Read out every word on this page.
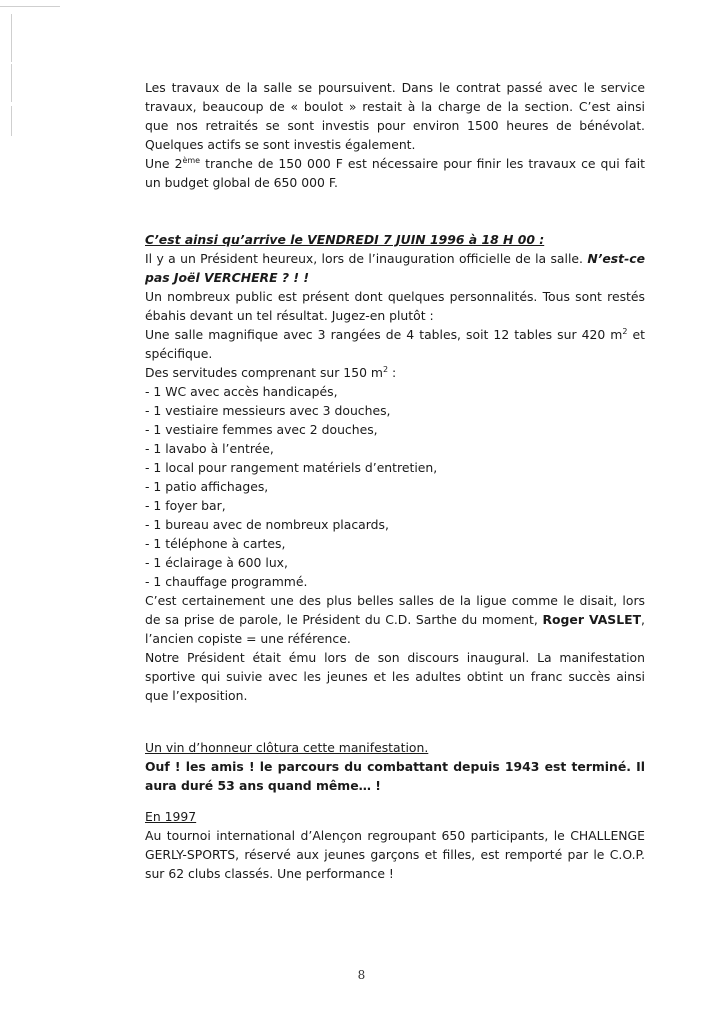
Les travaux de la salle se poursuivent. Dans le contrat passé avec le service travaux, beaucoup de « boulot » restait à la charge de la section. C’est ainsi que nos retraités se sont investis pour environ 1500 heures de bénévolat. Quelques actifs se sont investis également.

Une 2ème tranche de 150 000 F est nécessaire pour finir les travaux ce qui fait un budget global de 650 000 F.

C’est ainsi qu’arrive le VENDREDI 7 JUIN 1996 à 18 H 00 :

Il y a un Président heureux, lors de l’inauguration officielle de la salle. N’est-ce pas Joël VERCHERE ? ! !

Un nombreux public est présent dont quelques personnalités. Tous sont restés ébahis devant un tel résultat. Jugez-en plutôt :

Une salle magnifique avec 3 rangées de 4 tables, soit 12 tables sur 420 $m^2$ et spécifique.

Des servitudes comprenant sur 150 $m^2$ :

- 1 WC avec accès handicapés,
- 1 vestiaire messieurs avec 3 douches,
- 1 vestiaire femmes avec 2 douches,
- 1 lavabo à l’entrée,
- 1 local pour rangement matériels d’entretien,
- 1 patio affichages,
- 1 foyer bar,
- 1 bureau avec de nombreux placards,
- 1 téléphone à cartes,
- 1 éclairage à 600 lux,
- 1 chauffage programmé.

C’est certainement une des plus belles salles de la ligue comme le disait, lors de sa prise de parole, le Président du C.D. Sarthe du moment, Roger VASLET, l’ancien copiste = une référence.

Notre Président était ému lors de son discours inaugural. La manifestation sportive qui suivie avec les jeunes et les adultes obtint un franc succès ainsi que l’exposition.

Un vin d’honneur clôtura cette manifestation.

Ouf ! les amis ! le parcours du combattant depuis 1943 est terminé. Il aura duré 53 ans quand même… !

En 1997

Au tournoi international d’Alençon regroupant 650 participants, le CHALLENGE GERLY-SPORTS, réservé aux jeunes garçons et filles, est remporté par le C.O.P. sur 62 clubs classés. Une performance !

8
